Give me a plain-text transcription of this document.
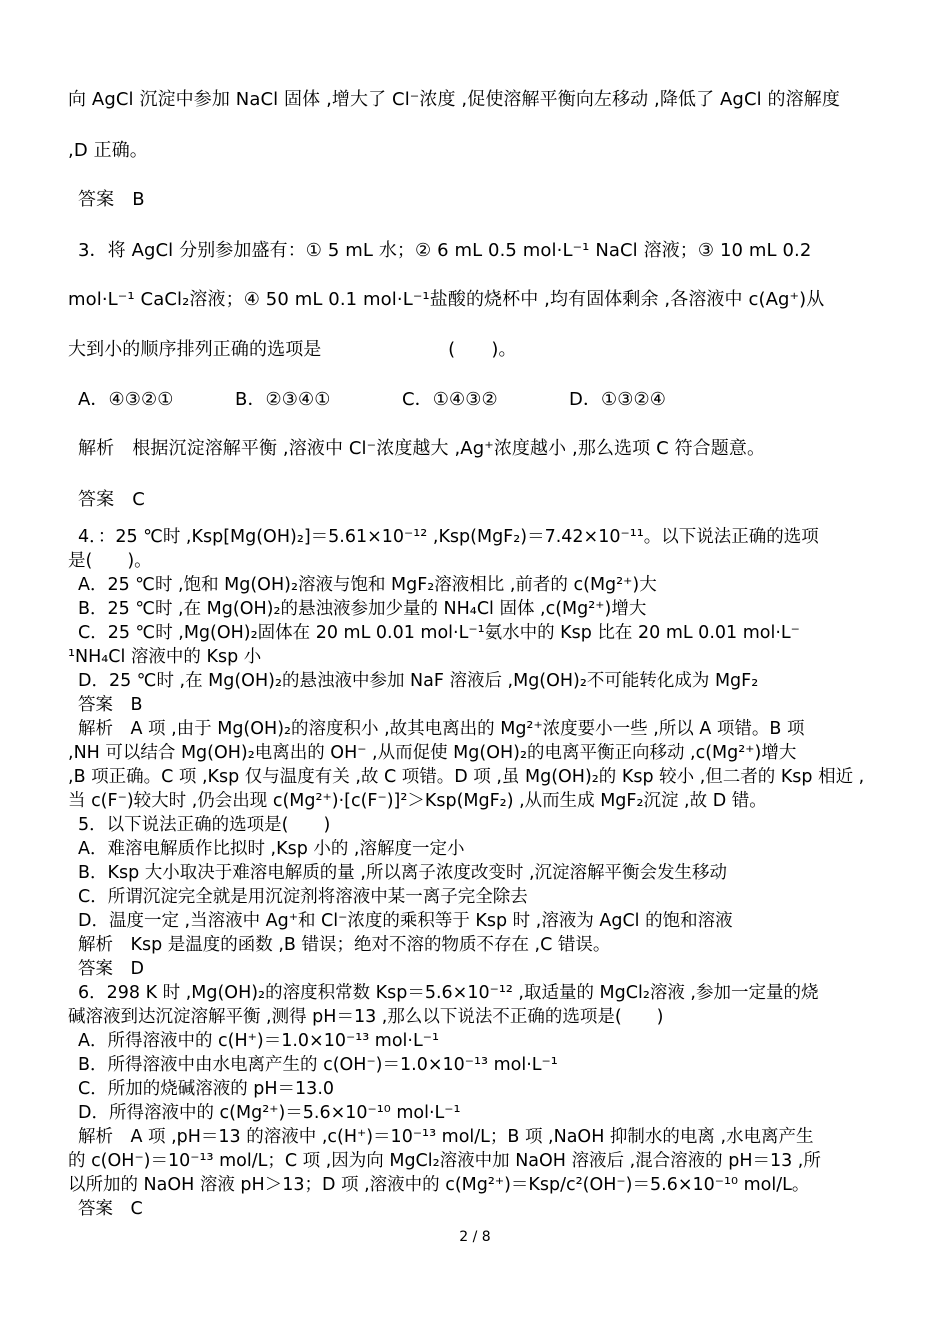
向 AgCl 沉淀中参加 NaCl 固体 ,增大了 Cl⁻浓度 ,促使溶解平衡向左移动 ,降低了 AgCl 的溶解度
,D 正确。
答案　B
3．将 AgCl 分别参加盛有：① 5 mL 水；② 6 mL 0.5 mol·L⁻¹ NaCl 溶液；③ 10 mL 0.2
mol·L⁻¹ CaCl₂溶液；④ 50 mL 0.1 mol·L⁻¹盐酸的烧杯中 ,均有固体剩余 ,各溶液中 c(Ag⁺)从
大到小的顺序排列正确的选项是　　　　　　　(　　)。
A．④③②①	B．②③④①	C．①④③②	D．①③②④
解析　根据沉淀溶解平衡 ,溶液中 Cl⁻浓度越大 ,Ag⁺浓度越小 ,那么选项 C 符合题意。
答案　C
4．：25 ℃时 ,Ksp[Mg(OH)₂]＝5.61×10⁻¹² ,Ksp(MgF₂)＝7.42×10⁻¹¹。以下说法正确的选项
是(　　)。
A．25 ℃时 ,饱和 Mg(OH)₂溶液与饱和 MgF₂溶液相比 ,前者的 c(Mg²⁺)大
B．25 ℃时 ,在 Mg(OH)₂的悬浊液参加少量的 NH₄Cl 固体 ,c(Mg²⁺)增大
C．25 ℃时 ,Mg(OH)₂固体在 20 mL 0.01 mol·L⁻¹氨水中的 Ksp 比在 20 mL 0.01 mol·L⁻
¹NH₄Cl 溶液中的 Ksp 小
D．25 ℃时 ,在 Mg(OH)₂的悬浊液中参加 NaF 溶液后 ,Mg(OH)₂不可能转化成为 MgF₂
答案　B
解析　A 项 ,由于 Mg(OH)₂的溶度积小 ,故其电离出的 Mg²⁺浓度要小一些 ,所以 A 项错。B 项
,NH 可以结合 Mg(OH)₂电离出的 OH⁻ ,从而促使 Mg(OH)₂的电离平衡正向移动 ,c(Mg²⁺)增大
,B 项正确。C 项 ,Ksp 仅与温度有关 ,故 C 项错。D 项 ,虽 Mg(OH)₂的 Ksp 较小 ,但二者的 Ksp 相近 ,
当 c(F⁻)较大时 ,仍会出现 c(Mg²⁺)·[c(F⁻)]²＞Ksp(MgF₂) ,从而生成 MgF₂沉淀 ,故 D 错。
5．以下说法正确的选项是(　　)
A．难溶电解质作比拟时 ,Ksp 小的 ,溶解度一定小
B．Ksp 大小取决于难溶电解质的量 ,所以离子浓度改变时 ,沉淀溶解平衡会发生移动
C．所谓沉淀完全就是用沉淀剂将溶液中某一离子完全除去
D．温度一定 ,当溶液中 Ag⁺和 Cl⁻浓度的乘积等于 Ksp 时 ,溶液为 AgCl 的饱和溶液
解析　Ksp 是温度的函数 ,B 错误；绝对不溶的物质不存在 ,C 错误。
答案　D
6．298 K 时 ,Mg(OH)₂的溶度积常数 Ksp＝5.6×10⁻¹² ,取适量的 MgCl₂溶液 ,参加一定量的烧
碱溶液到达沉淀溶解平衡 ,测得 pH＝13 ,那么以下说法不正确的选项是(　　)
A．所得溶液中的 c(H⁺)＝1.0×10⁻¹³ mol·L⁻¹
B．所得溶液中由水电离产生的 c(OH⁻)＝1.0×10⁻¹³ mol·L⁻¹
C．所加的烧碱溶液的 pH＝13.0
D．所得溶液中的 c(Mg²⁺)＝5.6×10⁻¹⁰ mol·L⁻¹
解析　A 项 ,pH＝13 的溶液中 ,c(H⁺)＝10⁻¹³ mol/L；B 项 ,NaOH 抑制水的电离 ,水电离产生
的 c(OH⁻)＝10⁻¹³ mol/L；C 项 ,因为向 MgCl₂溶液中加 NaOH 溶液后 ,混合溶液的 pH＝13 ,所
以所加的 NaOH 溶液 pH＞13；D 项 ,溶液中的 c(Mg²⁺)＝Ksp/c²(OH⁻)＝5.6×10⁻¹⁰ mol/L。
答案　C
2 / 8
